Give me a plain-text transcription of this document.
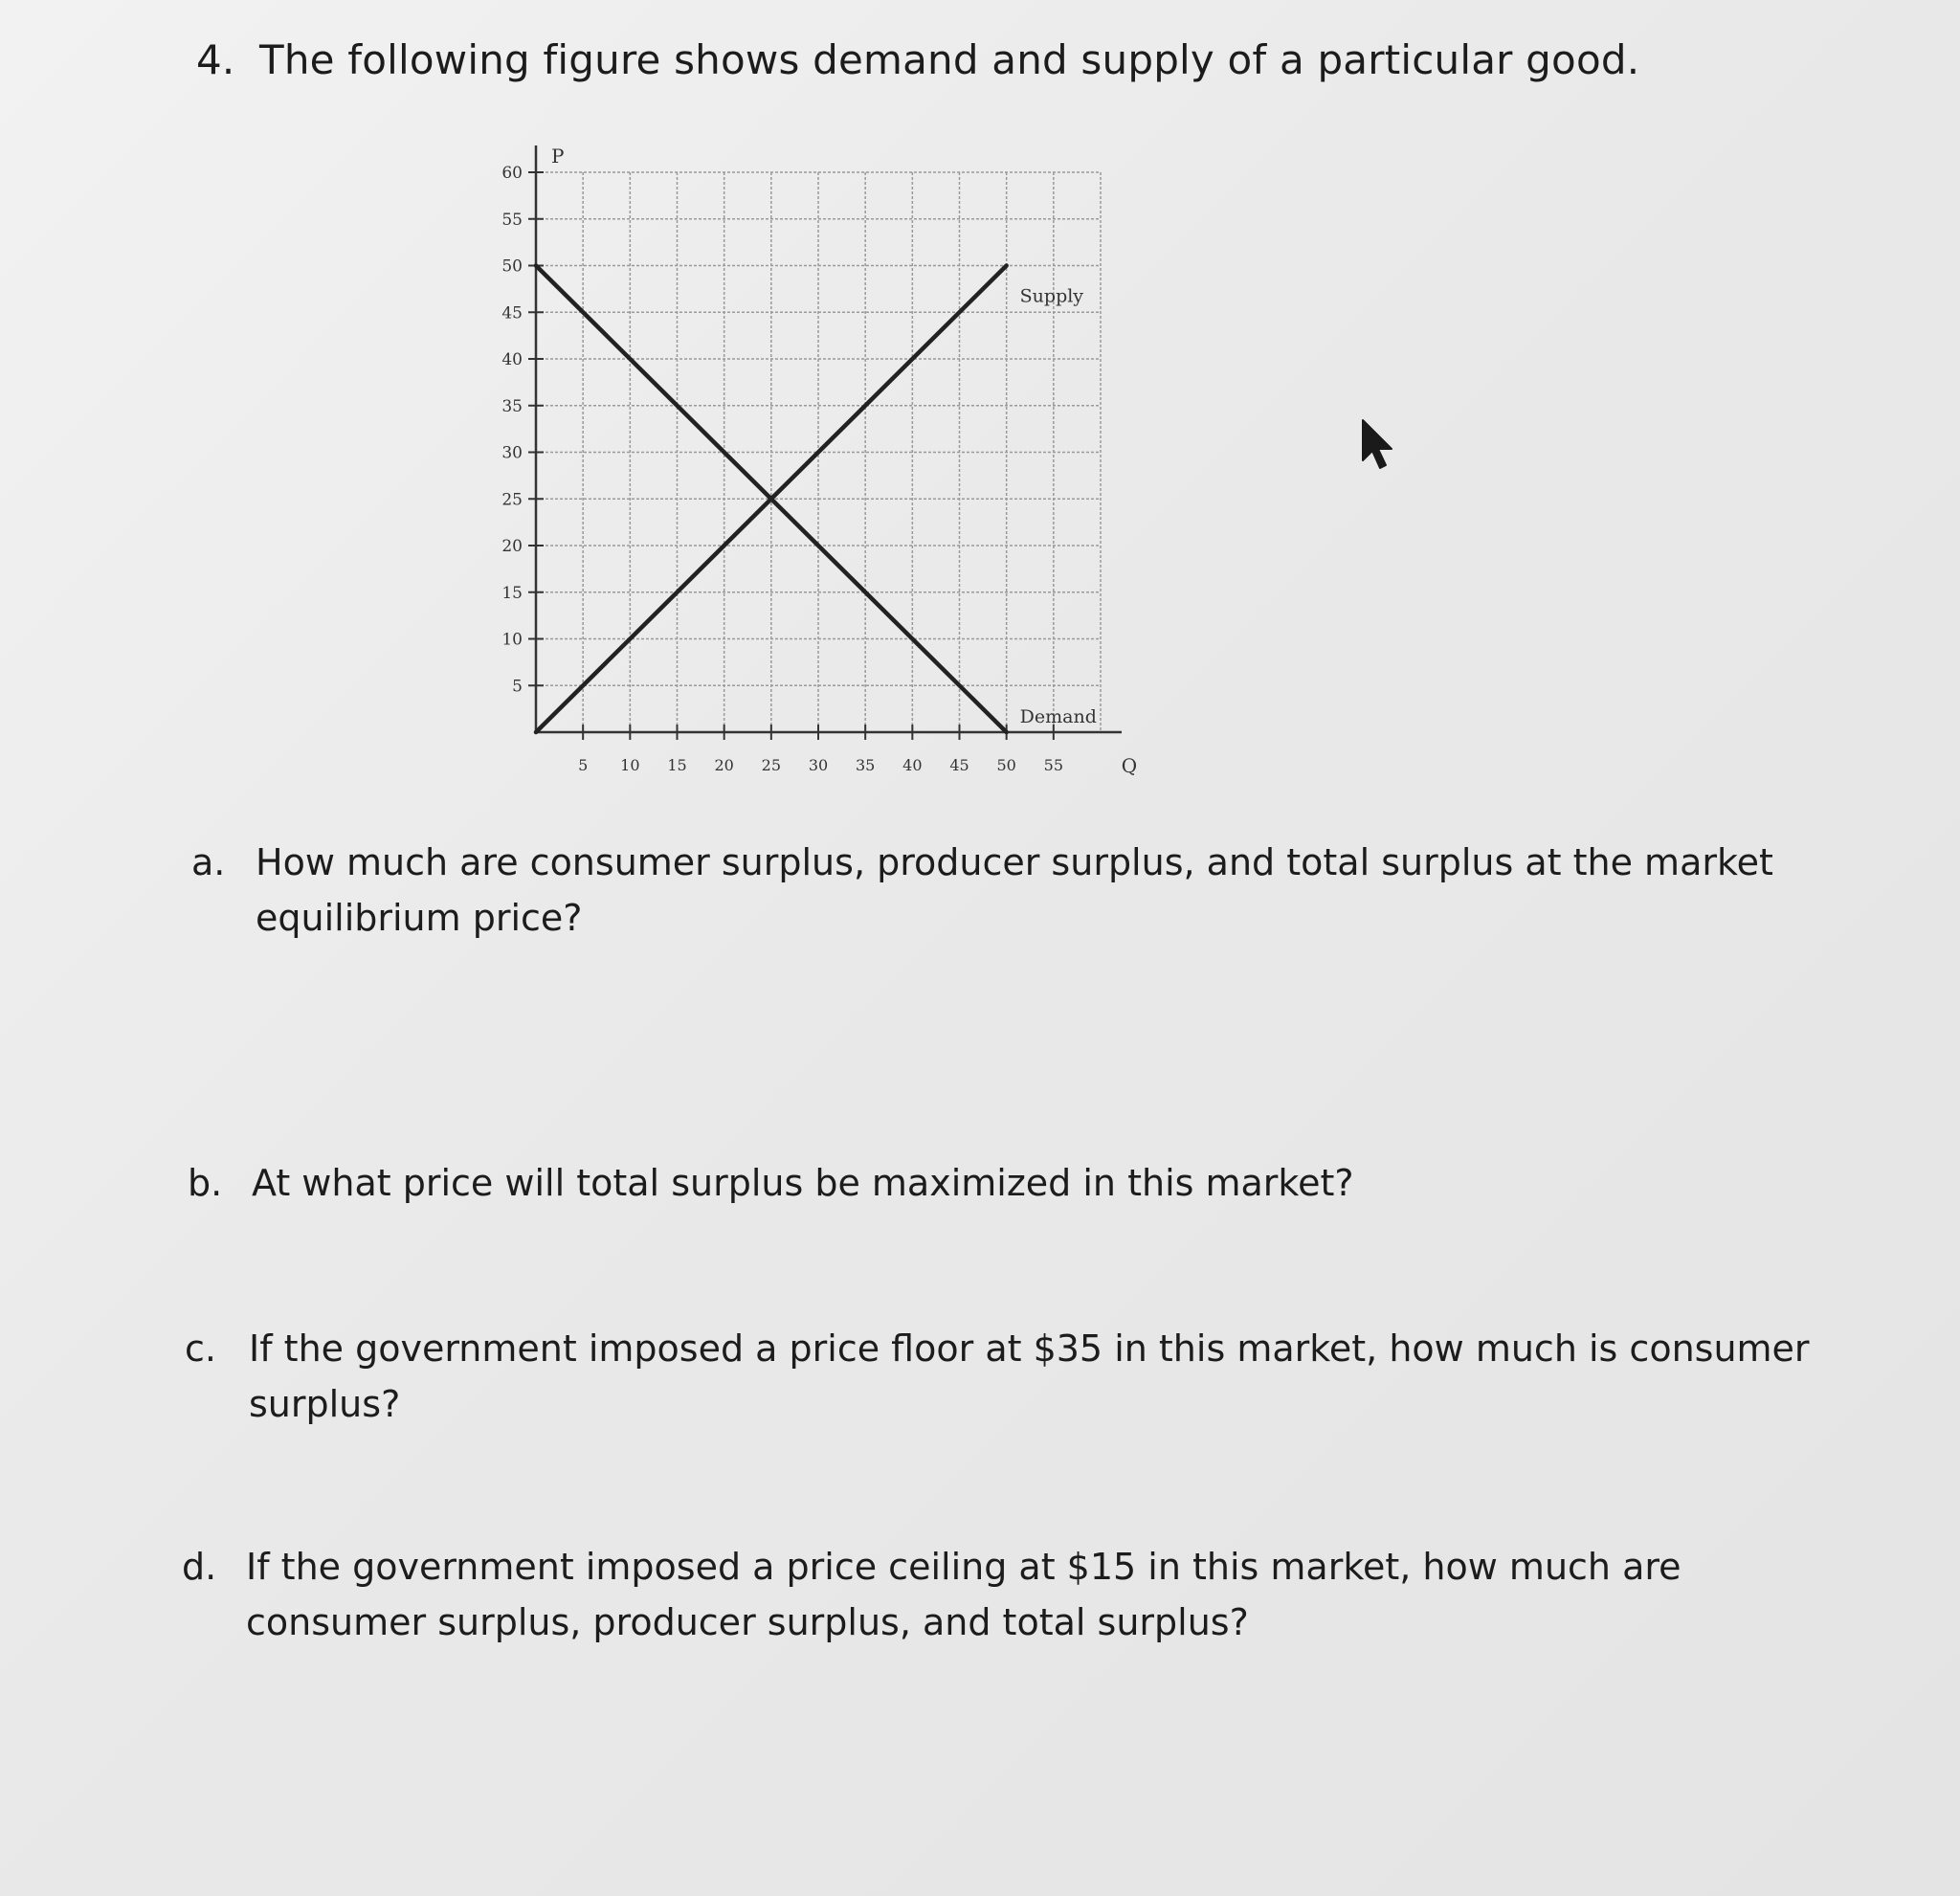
4. The following figure shows demand and supply of a particular good.
5
10
15
20
25
30
35
40
45
50
55
60
5 10 15 20 25 30 35 40 45 50 55	Q
P
Supply
Demand
a. How much are consumer surplus, producer surplus, and total surplus at the market
equilibrium price?
b. At what price will total surplus be maximized in this market?
c. If the government imposed a price floor at $35 in this market, how much is consumer
surplus?
d. If the government imposed a price ceiling at $15 in this market, how much are
consumer surplus, producer surplus, and total surplus?
